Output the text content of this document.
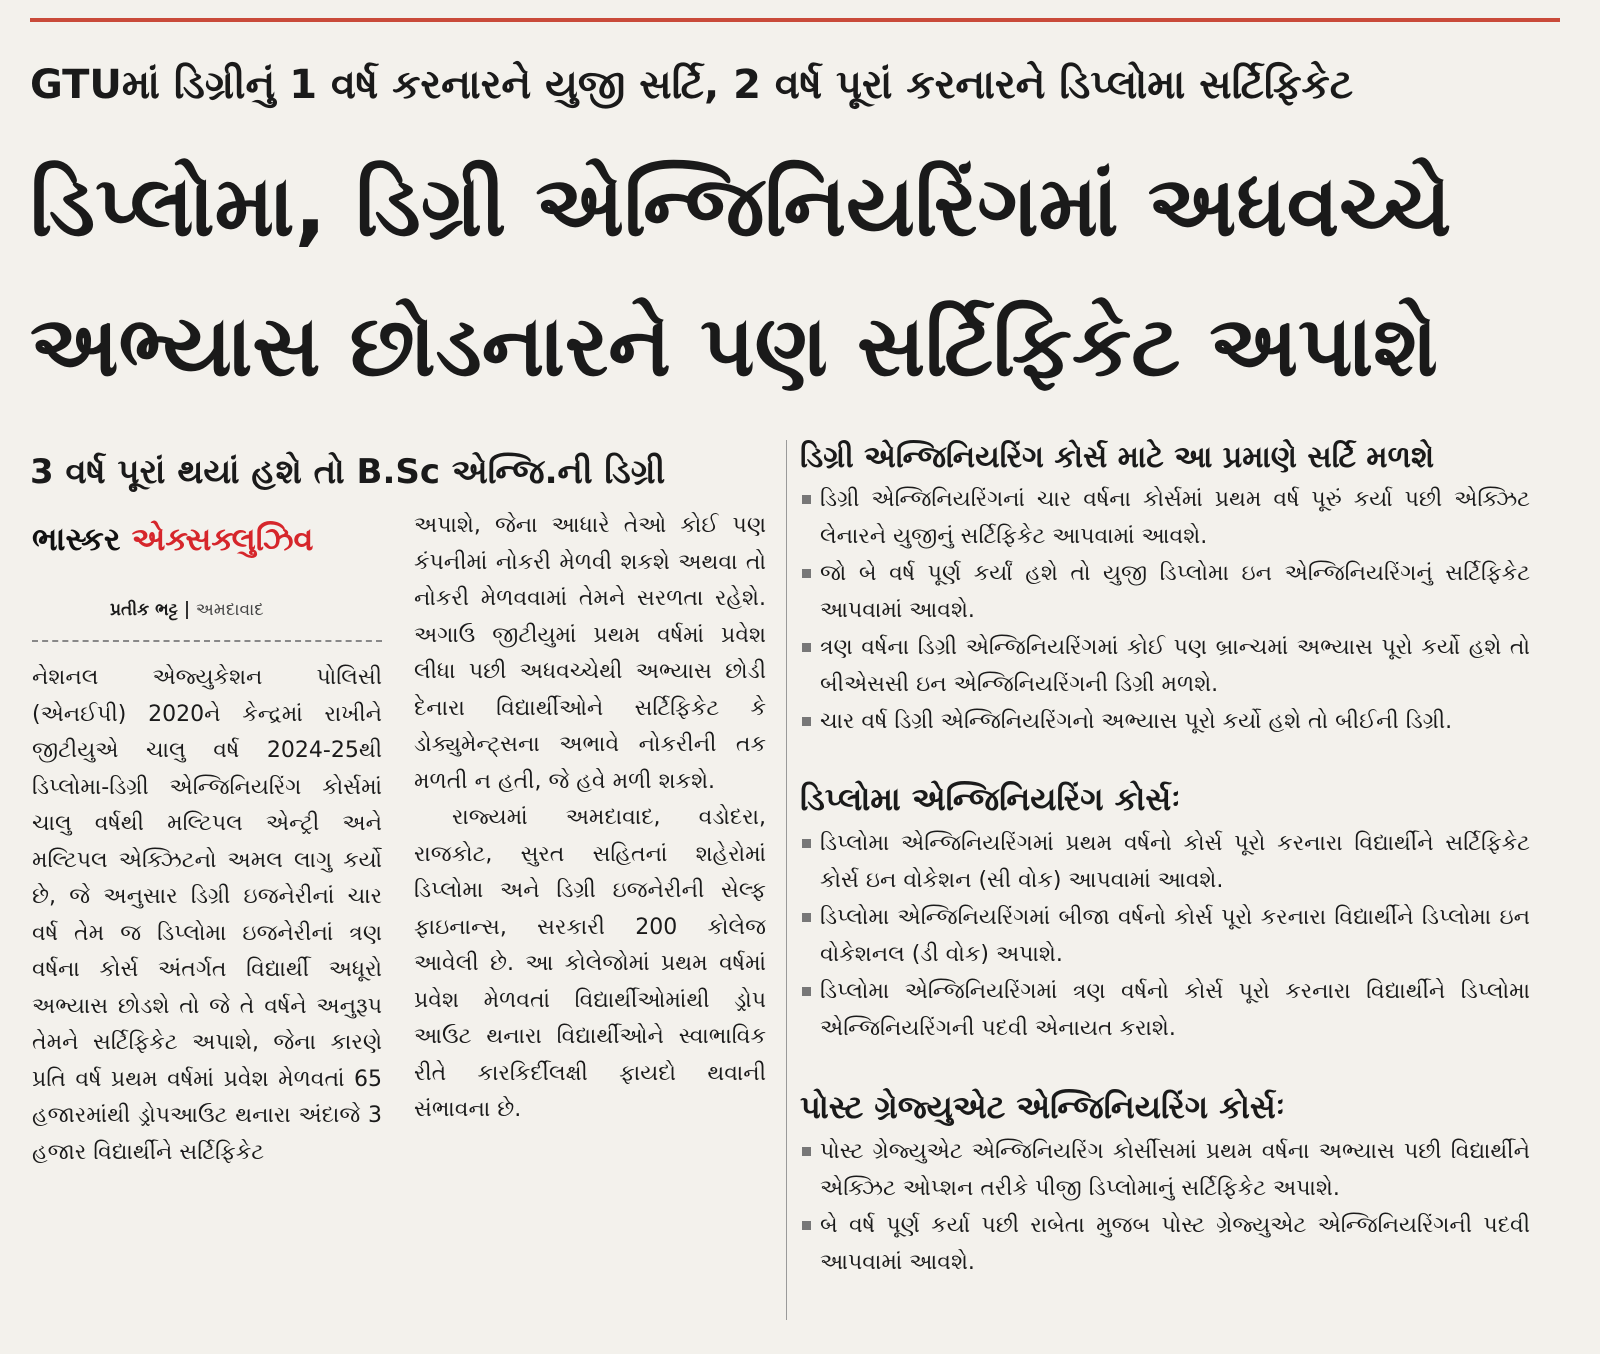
GTUમાં ડિગ્રીનું 1 વર્ષ કરનારને યુજી સર્ટિ, 2 વર્ષ પૂરાં કરનારને ડિપ્લોમા સર્ટિફિકેટ
ડિપ્લોમા, ડિગ્રી એન્જિનિયરિંગમાં અધવચ્ચે
અભ્યાસ છોડનારને પણ સર્ટિફિકેટ અપાશે
3 વર્ષ પૂરાં થયાં હશે તો B.Sc એન્જિ.ની ડિગ્રી
ભાસ્કર એક્સક્લુઝિવ
પ્રતીક ભટ્ટ અમદાવાદ
નેશનલ એજ્યુકેશન પોલિસી (એનઈપી) 2020ને કેન્દ્રમાં રાખીને જીટીયુએ ચાલુ વર્ષ 2024-25થી ડિપ્લોમા-ડિગ્રી એન્જિનિયરિંગ કોર્સમાં ચાલુ વર્ષથી મલ્ટિપલ એન્ટ્રી અને મલ્ટિપલ એક્ઝિટનો અમલ લાગુ કર્યો છે, જે અનુસાર ડિગ્રી ઇજનેરીનાં ચાર વર્ષ તેમ જ ડિપ્લોમા ઇજનેરીનાં ત્રણ વર્ષના કોર્સ અંતર્ગત વિદ્યાર્થી અધૂરો અભ્યાસ છોડશે તો જે તે વર્ષને અનુરૂપ તેમને સર્ટિફિકેટ અપાશે, જેના કારણે પ્રતિ વર્ષ પ્રથમ વર્ષમાં પ્રવેશ મેળવતાં 65 હજારમાંથી ડ્રોપઆઉટ થનારા અંદાજે 3 હજાર વિદ્યાર્થીને સર્ટિફિકેટ

અપાશે, જેના આધારે તેઓ કોઈ પણ કંપનીમાં નોકરી મેળવી શકશે અથવા તો નોકરી મેળવવામાં તેમને સરળતા રહેશે. અગાઉ જીટીયુમાં પ્રથમ વર્ષમાં પ્રવેશ લીધા પછી અધવચ્ચેથી અભ્યાસ છોડી દેનારા વિદ્યાર્થીઓને સર્ટિફિકેટ કે ડોક્યુમેન્ટ્સના અભાવે નોકરીની તક મળતી ન હતી, જે હવે મળી શકશે.

રાજ્યમાં અમદાવાદ, વડોદરા, રાજકોટ, સુરત સહિતનાં શહેરોમાં ડિપ્લોમા અને ડિગ્રી ઇજનેરીની સેલ્ફ ફાઇનાન્સ, સરકારી 200 કોલેજ આવેલી છે. આ કોલેજોમાં પ્રથમ વર્ષમાં પ્રવેશ મેળવતાં વિદ્યાર્થીઓમાંથી ડ્રોપ આઉટ થનારા વિદ્યાર્થીઓને સ્વાભાવિક રીતે કારકિર્દીલક્ષી ફાયદો થવાની સંભાવના છે.

ડિગ્રી એન્જિનિયરિંગ કોર્સ માટે આ પ્રમાણે સર્ટિ મળશે
ડિગ્રી એન્જિનિયરિંગનાં ચાર વર્ષના કોર્સમાં પ્રથમ વર્ષ પૂરું કર્યા પછી એક્ઝિટ લેનારને યુજીનું સર્ટિફિકેટ આપવામાં આવશે.
જો બે વર્ષ પૂર્ણ કર્યાં હશે તો યુજી ડિપ્લોમા ઇન એન્જિનિયરિંગનું સર્ટિફિકેટ આપવામાં આવશે.
ત્રણ વર્ષના ડિગ્રી એન્જિનિયરિંગમાં કોઈ પણ બ્રાન્ચમાં અભ્યાસ પૂરો કર્યો હશે તો બીએસસી ઇન એન્જિનિયરિંગની ડિગ્રી મળશે.
ચાર વર્ષ ડિગ્રી એન્જિનિયરિંગનો અભ્યાસ પૂરો કર્યો હશે તો બીઈની ડિગ્રી.
ડિપ્લોમા એન્જિનિયરિંગ કોર્સઃ
ડિપ્લોમા એન્જિનિયરિંગમાં પ્રથમ વર્ષનો કોર્સ પૂરો કરનારા વિદ્યાર્થીને સર્ટિફિકેટ કોર્સ ઇન વોકેશન (સી વોક) આપવામાં આવશે.
ડિપ્લોમા એન્જિનિયરિંગમાં બીજા વર્ષનો કોર્સ પૂરો કરનારા વિદ્યાર્થીને ડિપ્લોમા ઇન વોકેશનલ (ડી વોક) અપાશે.
ડિપ્લોમા એન્જિનિયરિંગમાં ત્રણ વર્ષનો કોર્સ પૂરો કરનારા વિદ્યાર્થીને ડિપ્લોમા એન્જિનિયરિંગની પદવી એનાયત કરાશે.
પોસ્ટ ગ્રેજ્યુએટ એન્જિનિયરિંગ કોર્સઃ
પોસ્ટ ગ્રેજ્યુએટ એન્જિનિયરિંગ કોર્સીસમાં પ્રથમ વર્ષના અભ્યાસ પછી વિદ્યાર્થીને એક્ઝિટ ઓપ્શન તરીકે પીજી ડિપ્લોમાનું સર્ટિફિકેટ અપાશે.
બે વર્ષ પૂર્ણ કર્યા પછી રાબેતા મુજબ પોસ્ટ ગ્રેજ્યુએટ એન્જિનિયરિંગની પદવી આપવામાં આવશે.
